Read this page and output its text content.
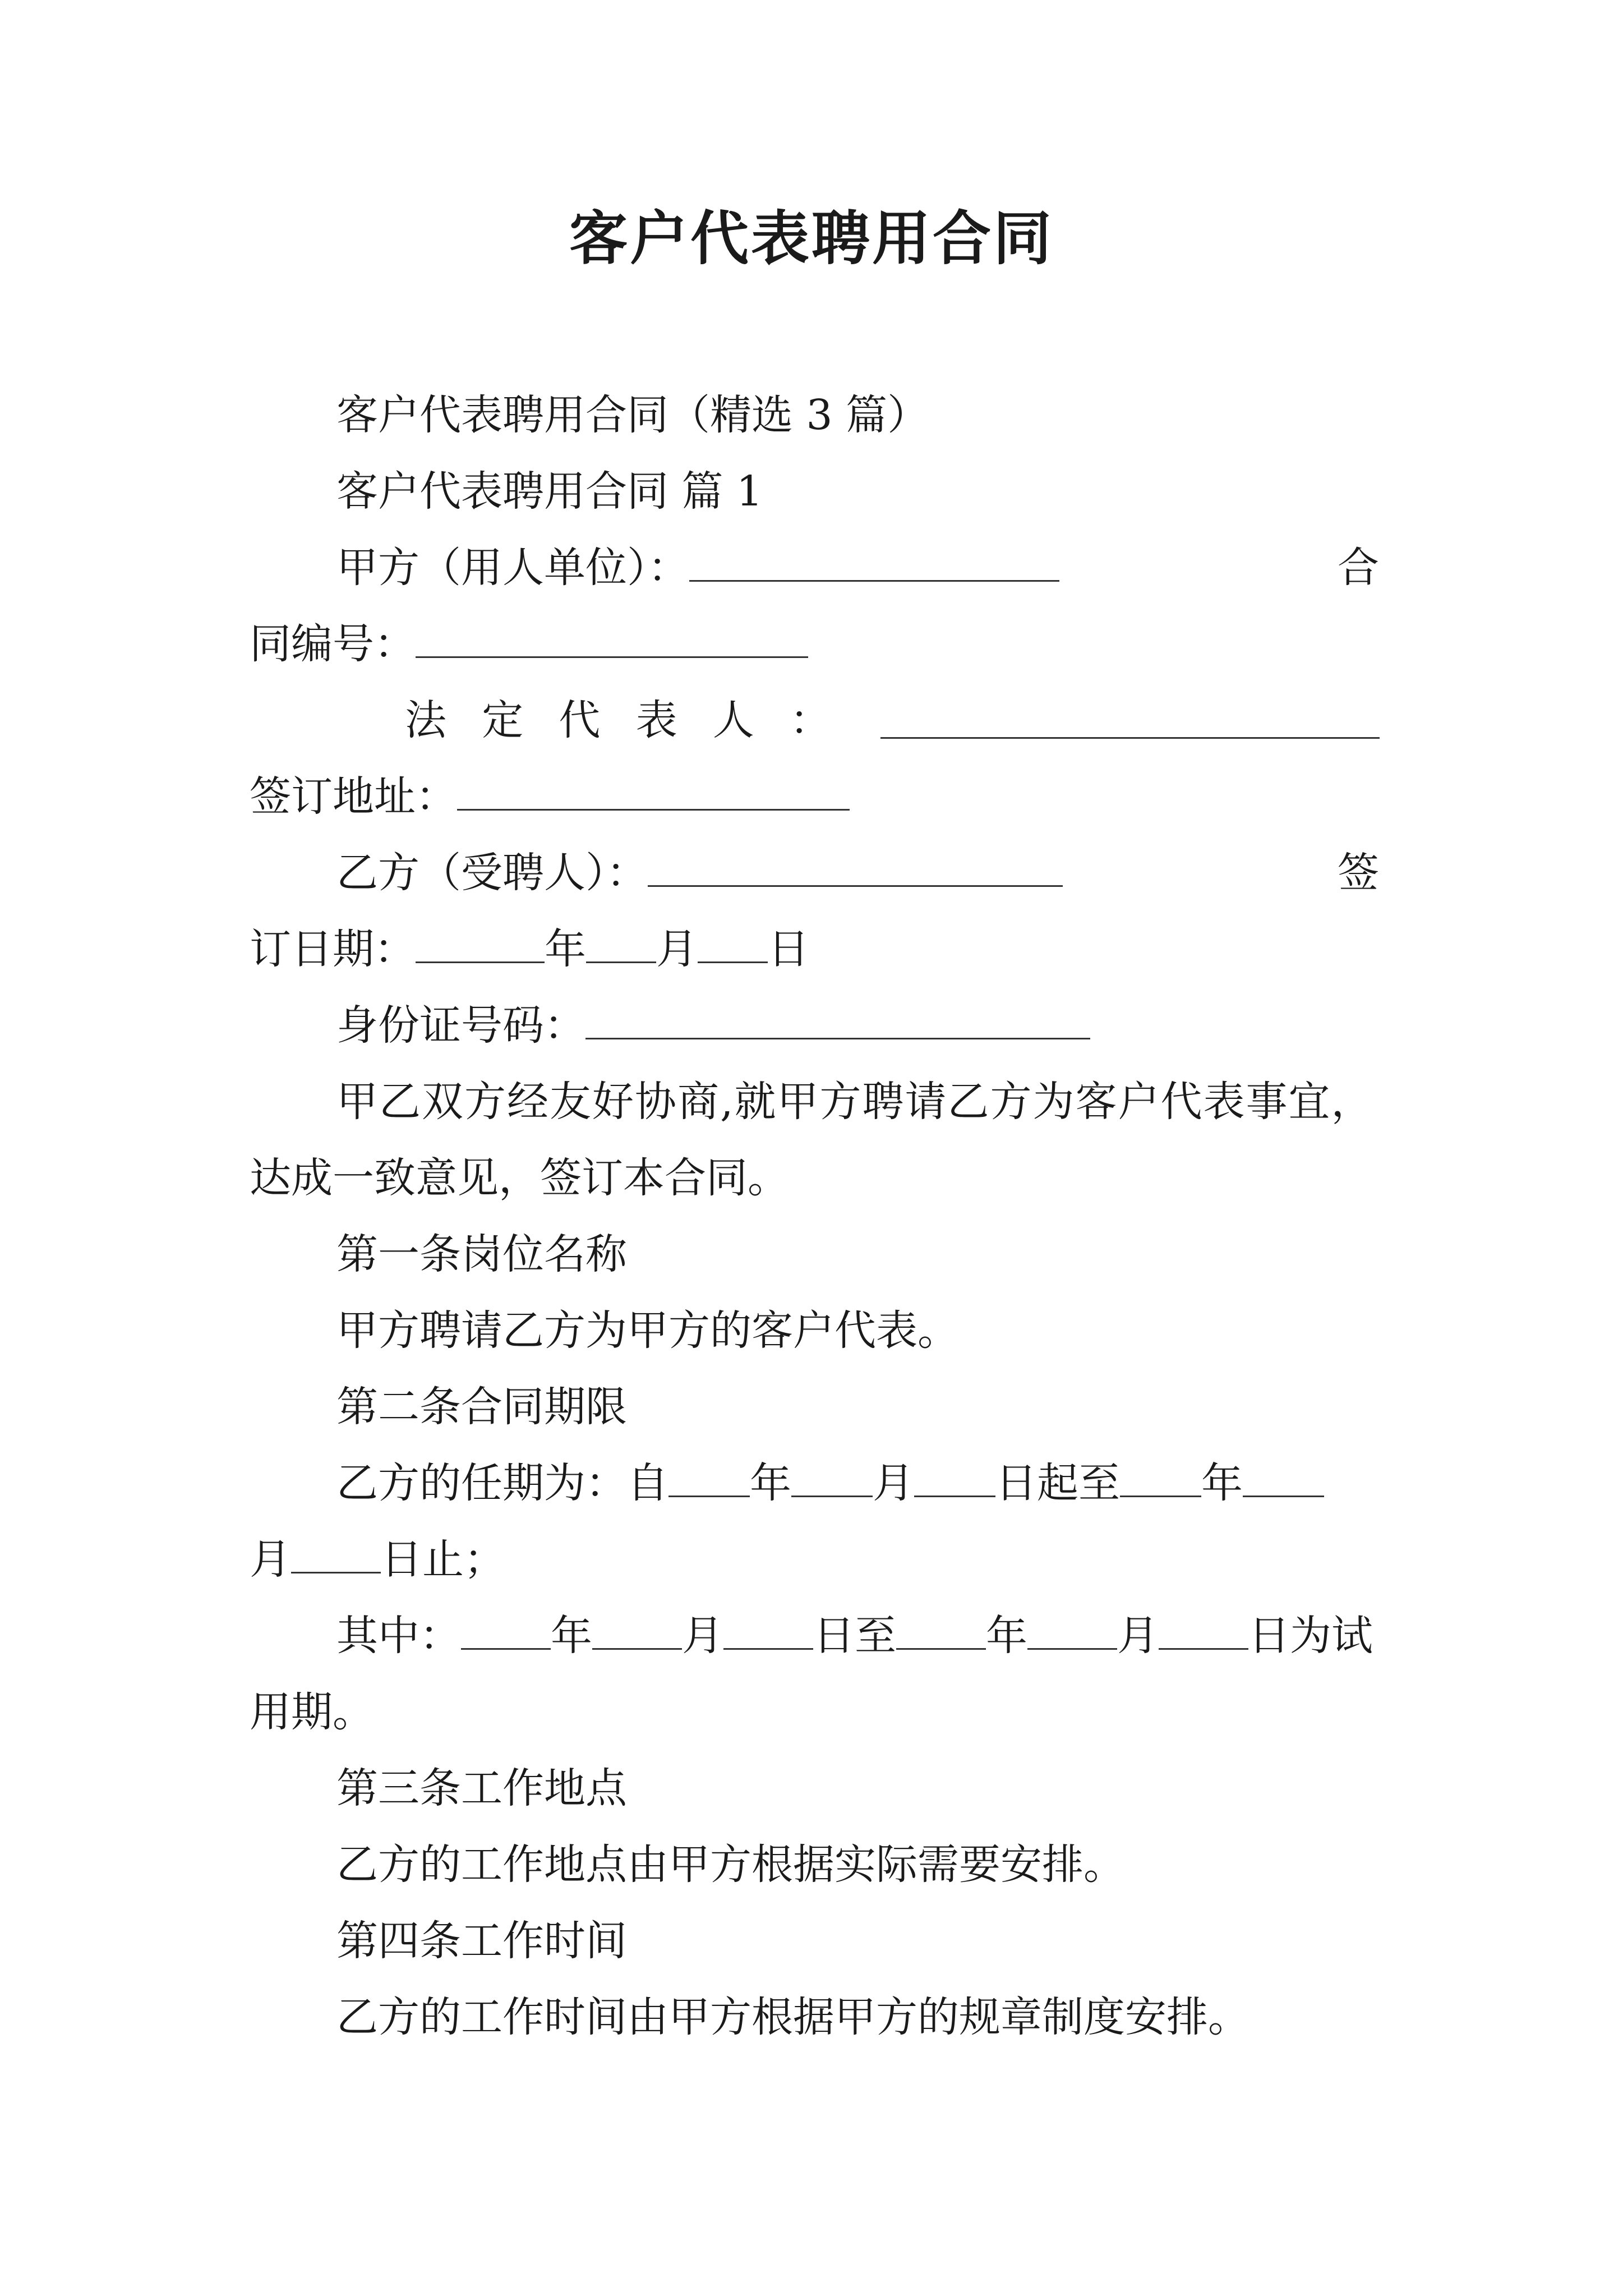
客户代表聘用合同

客户代表聘用合同（精选 3 篇）

客户代表聘用合同 篇 1

甲方（用人单位）：	合

同编号：

法 定 代 表 人 ：

签订地址：

乙方（受聘人）：	签

订日期：	年 月 日

身份证号码：

甲乙双方经友好协商,就甲方聘请乙方为客户代表事宜，

达成一致意见，签订本合同。

第一条岗位名称

甲方聘请乙方为甲方的客户代表。

第二条合同期限

乙方的任期为：自 年 月 日起至 年

月 日止；

其中： 年 月 日至 年 月 日为试

用期。

第三条工作地点

乙方的工作地点由甲方根据实际需要安排。

第四条工作时间

乙方的工作时间由甲方根据甲方的规章制度安排。
